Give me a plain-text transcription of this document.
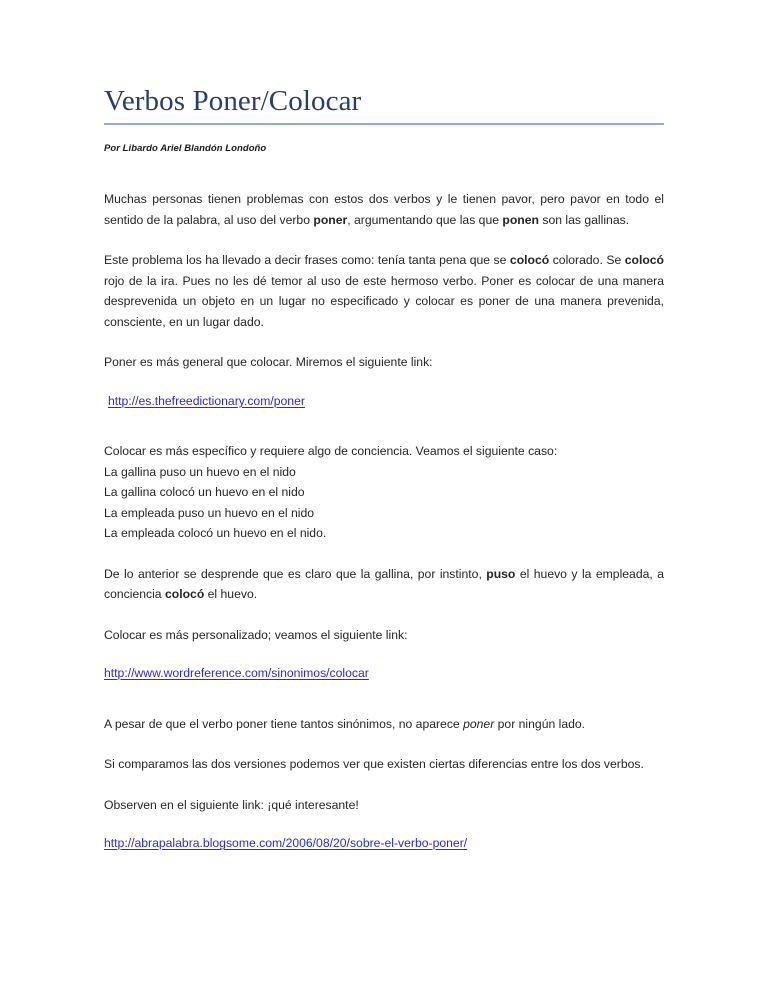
Verbos Poner/Colocar
Por Libardo Ariel Blandón Londoño

Muchas personas tienen problemas con estos dos verbos y le tienen pavor, pero pavor en todo el sentido de la palabra, al uso del verbo poner, argumentando que las que ponen son las gallinas.

Este problema los ha llevado a decir frases como: tenía tanta pena que se colocó colorado. Se colocó rojo de la ira. Pues no les dé temor al uso de este hermoso verbo. Poner es colocar de una manera desprevenida un objeto en un lugar no especificado y colocar es poner de una manera prevenida, consciente, en un lugar dado.

Poner es más general que colocar. Miremos el siguiente link:

http://es.thefreedictionary.com/poner

Colocar es más específico y requiere algo de conciencia. Veamos el siguiente caso:

La gallina puso un huevo en el nido
La gallina colocó un huevo en el nido
La empleada puso un huevo en el nido
La empleada colocó un huevo en el nido.

De lo anterior se desprende que es claro que la gallina, por instinto, puso el huevo y la empleada, a conciencia colocó el huevo.

Colocar es más personalizado; veamos el siguiente link:

http://www.wordreference.com/sinonimos/colocar

A pesar de que el verbo poner tiene tantos sinónimos, no aparece poner por ningún lado.

Si comparamos las dos versiones podemos ver que existen ciertas diferencias entre los dos verbos.

Observen en el siguiente link: ¡qué interesante!

http://abrapalabra.blogsome.com/2006/08/20/sobre-el-verbo-poner/
